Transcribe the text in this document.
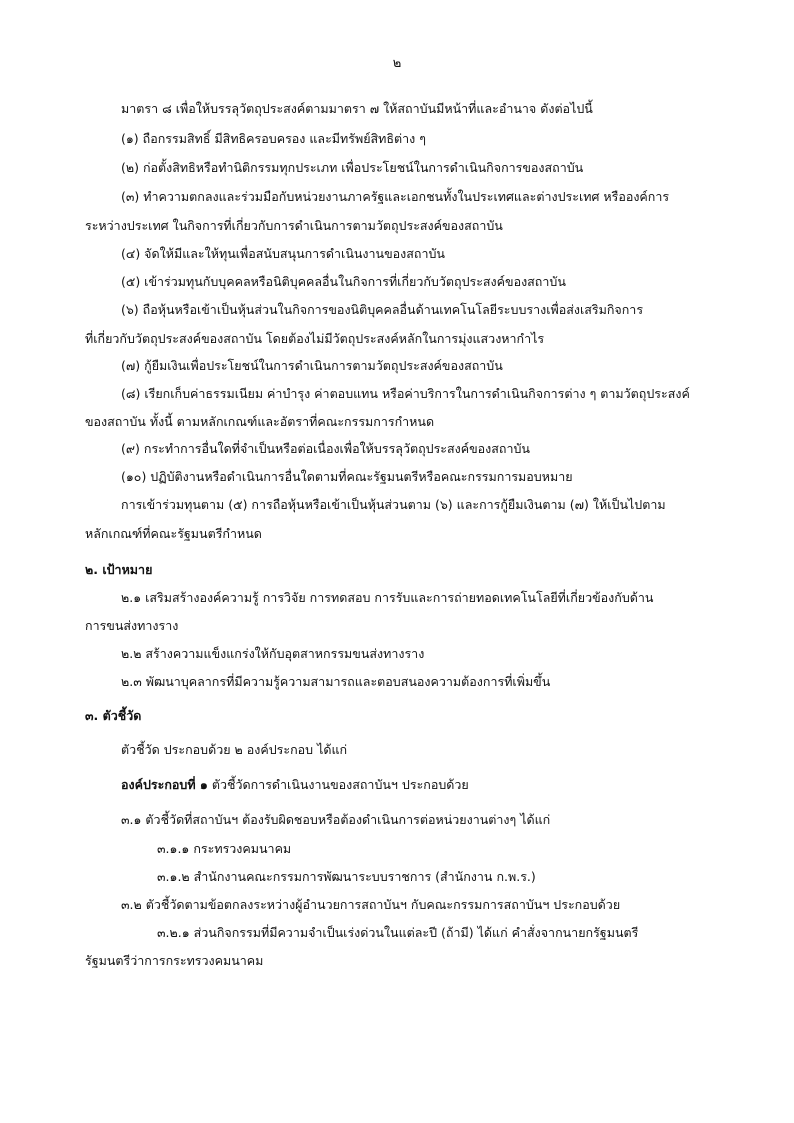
๒
มาตรา ๘ เพื่อให้บรรลุวัตถุประสงค์ตามมาตรา ๗ ให้สถาบันมีหน้าที่และอำนาจ ดังต่อไปนี้
(๑) ถือกรรมสิทธิ์ มีสิทธิครอบครอง และมีทรัพย์สิทธิต่าง ๆ
(๒) ก่อตั้งสิทธิหรือทำนิติกรรมทุกประเภท เพื่อประโยชน์ในการดำเนินกิจการของสถาบัน
(๓) ทำความตกลงและร่วมมือกับหน่วยงานภาครัฐและเอกชนทั้งในประเทศและต่างประเทศ หรือองค์การ
ระหว่างประเทศ ในกิจการที่เกี่ยวกับการดำเนินการตามวัตถุประสงค์ของสถาบัน
(๔) จัดให้มีและให้ทุนเพื่อสนับสนุนการดำเนินงานของสถาบัน
(๕) เข้าร่วมทุนกับบุคคลหรือนิติบุคคลอื่นในกิจการที่เกี่ยวกับวัตถุประสงค์ของสถาบัน
(๖) ถือหุ้นหรือเข้าเป็นหุ้นส่วนในกิจการของนิติบุคคลอื่นด้านเทคโนโลยีระบบรางเพื่อส่งเสริมกิจการ
ที่เกี่ยวกับวัตถุประสงค์ของสถาบัน โดยต้องไม่มีวัตถุประสงค์หลักในการมุ่งแสวงหากำไร
(๗) กู้ยืมเงินเพื่อประโยชน์ในการดำเนินการตามวัตถุประสงค์ของสถาบัน
(๘) เรียกเก็บค่าธรรมเนียม ค่าบำรุง ค่าตอบแทน หรือค่าบริการในการดำเนินกิจการต่าง ๆ ตามวัตถุประสงค์
ของสถาบัน ทั้งนี้ ตามหลักเกณฑ์และอัตราที่คณะกรรมการกำหนด
(๙) กระทำการอื่นใดที่จำเป็นหรือต่อเนื่องเพื่อให้บรรลุวัตถุประสงค์ของสถาบัน
(๑๐) ปฏิบัติงานหรือดำเนินการอื่นใดตามที่คณะรัฐมนตรีหรือคณะกรรมการมอบหมาย
การเข้าร่วมทุนตาม (๕) การถือหุ้นหรือเข้าเป็นหุ้นส่วนตาม (๖) และการกู้ยืมเงินตาม (๗) ให้เป็นไปตาม
หลักเกณฑ์ที่คณะรัฐมนตรีกำหนด
๒. เป้าหมาย
๒.๑ เสริมสร้างองค์ความรู้ การวิจัย การทดสอบ การรับและการถ่ายทอดเทคโนโลยีที่เกี่ยวข้องกับด้าน
การขนส่งทางราง
๒.๒ สร้างความแข็งแกร่งให้กับอุตสาหกรรมขนส่งทางราง
๒.๓ พัฒนาบุคลากรที่มีความรู้ความสามารถและตอบสนองความต้องการที่เพิ่มขึ้น
๓. ตัวชี้วัด
ตัวชี้วัด ประกอบด้วย ๒ องค์ประกอบ ได้แก่
องค์ประกอบที่ ๑ ตัวชี้วัดการดำเนินงานของสถาบันฯ ประกอบด้วย
๓.๑ ตัวชี้วัดที่สถาบันฯ ต้องรับผิดชอบหรือต้องดำเนินการต่อหน่วยงานต่างๆ ได้แก่
๓.๑.๑ กระทรวงคมนาคม
๓.๑.๒ สำนักงานคณะกรรมการพัฒนาระบบราชการ (สำนักงาน ก.พ.ร.)
๓.๒ ตัวชี้วัดตามข้อตกลงระหว่างผู้อำนวยการสถาบันฯ กับคณะกรรมการสถาบันฯ ประกอบด้วย
๓.๒.๑ ส่วนกิจกรรมที่มีความจำเป็นเร่งด่วนในแต่ละปี (ถ้ามี) ได้แก่ คำสั่งจากนายกรัฐมนตรี
รัฐมนตรีว่าการกระทรวงคมนาคม
